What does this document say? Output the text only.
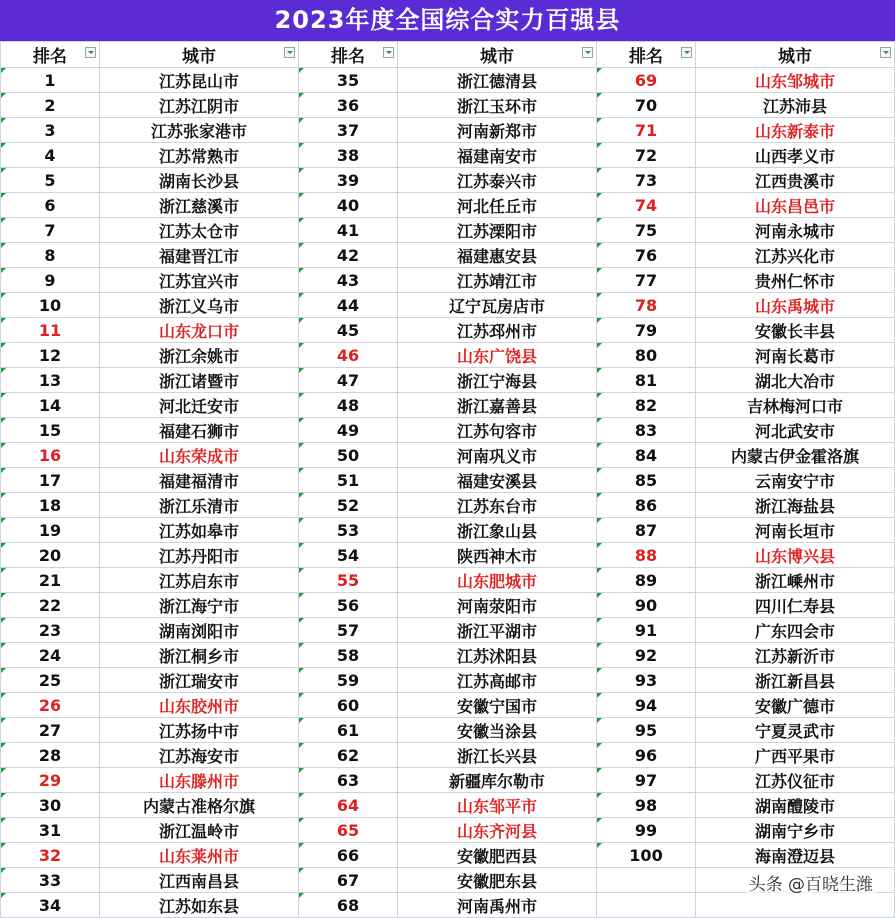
2023年度全国综合实力百强县
排名	城市	排名	城市	排名	城市

1	江苏昆山市	35	浙江德清县	69	山东邹城市
2	江苏江阴市	36	浙江玉环市	70	江苏沛县
3	江苏张家港市	37	河南新郑市	71	山东新泰市
4	江苏常熟市	38	福建南安市	72	山西孝义市
5	湖南长沙县	39	江苏泰兴市	73	江西贵溪市
6	浙江慈溪市	40	河北任丘市	74	山东昌邑市
7	江苏太仓市	41	江苏溧阳市	75	河南永城市
8	福建晋江市	42	福建惠安县	76	江苏兴化市
9	江苏宜兴市	43	江苏靖江市	77	贵州仁怀市
10	浙江义乌市	44	辽宁瓦房店市	78	山东禹城市
11	山东龙口市	45	江苏邳州市	79	安徽长丰县
12	浙江余姚市	46	山东广饶县	80	河南长葛市
13	浙江诸暨市	47	浙江宁海县	81	湖北大冶市
14	河北迁安市	48	浙江嘉善县	82	吉林梅河口市
15	福建石狮市	49	江苏句容市	83	河北武安市
16	山东荣成市	50	河南巩义市	84	内蒙古伊金霍洛旗
17	福建福清市	51	福建安溪县	85	云南安宁市
18	浙江乐清市	52	江苏东台市	86	浙江海盐县
19	江苏如皋市	53	浙江象山县	87	河南长垣市
20	江苏丹阳市	54	陕西神木市	88	山东博兴县
21	江苏启东市	55	山东肥城市	89	浙江嵊州市
22	浙江海宁市	56	河南荥阳市	90	四川仁寿县
23	湖南浏阳市	57	浙江平湖市	91	广东四会市
24	浙江桐乡市	58	江苏沭阳县	92	江苏新沂市
25	浙江瑞安市	59	江苏高邮市	93	浙江新昌县
26	山东胶州市	60	安徽宁国市	94	安徽广德市
27	江苏扬中市	61	安徽当涂县	95	宁夏灵武市
28	江苏海安市	62	浙江长兴县	96	广西平果市
29	山东滕州市	63	新疆库尔勒市	97	江苏仪征市
30	内蒙古准格尔旗	64	山东邹平市	98	湖南醴陵市
31	浙江温岭市	65	山东齐河县	99	湖南宁乡市
32	山东莱州市	66	安徽肥西县	100	海南澄迈县
33	江西南昌县	67	安徽肥东县		
34	江苏如东县	68	河南禹州市		
头条 @百晓生潍
